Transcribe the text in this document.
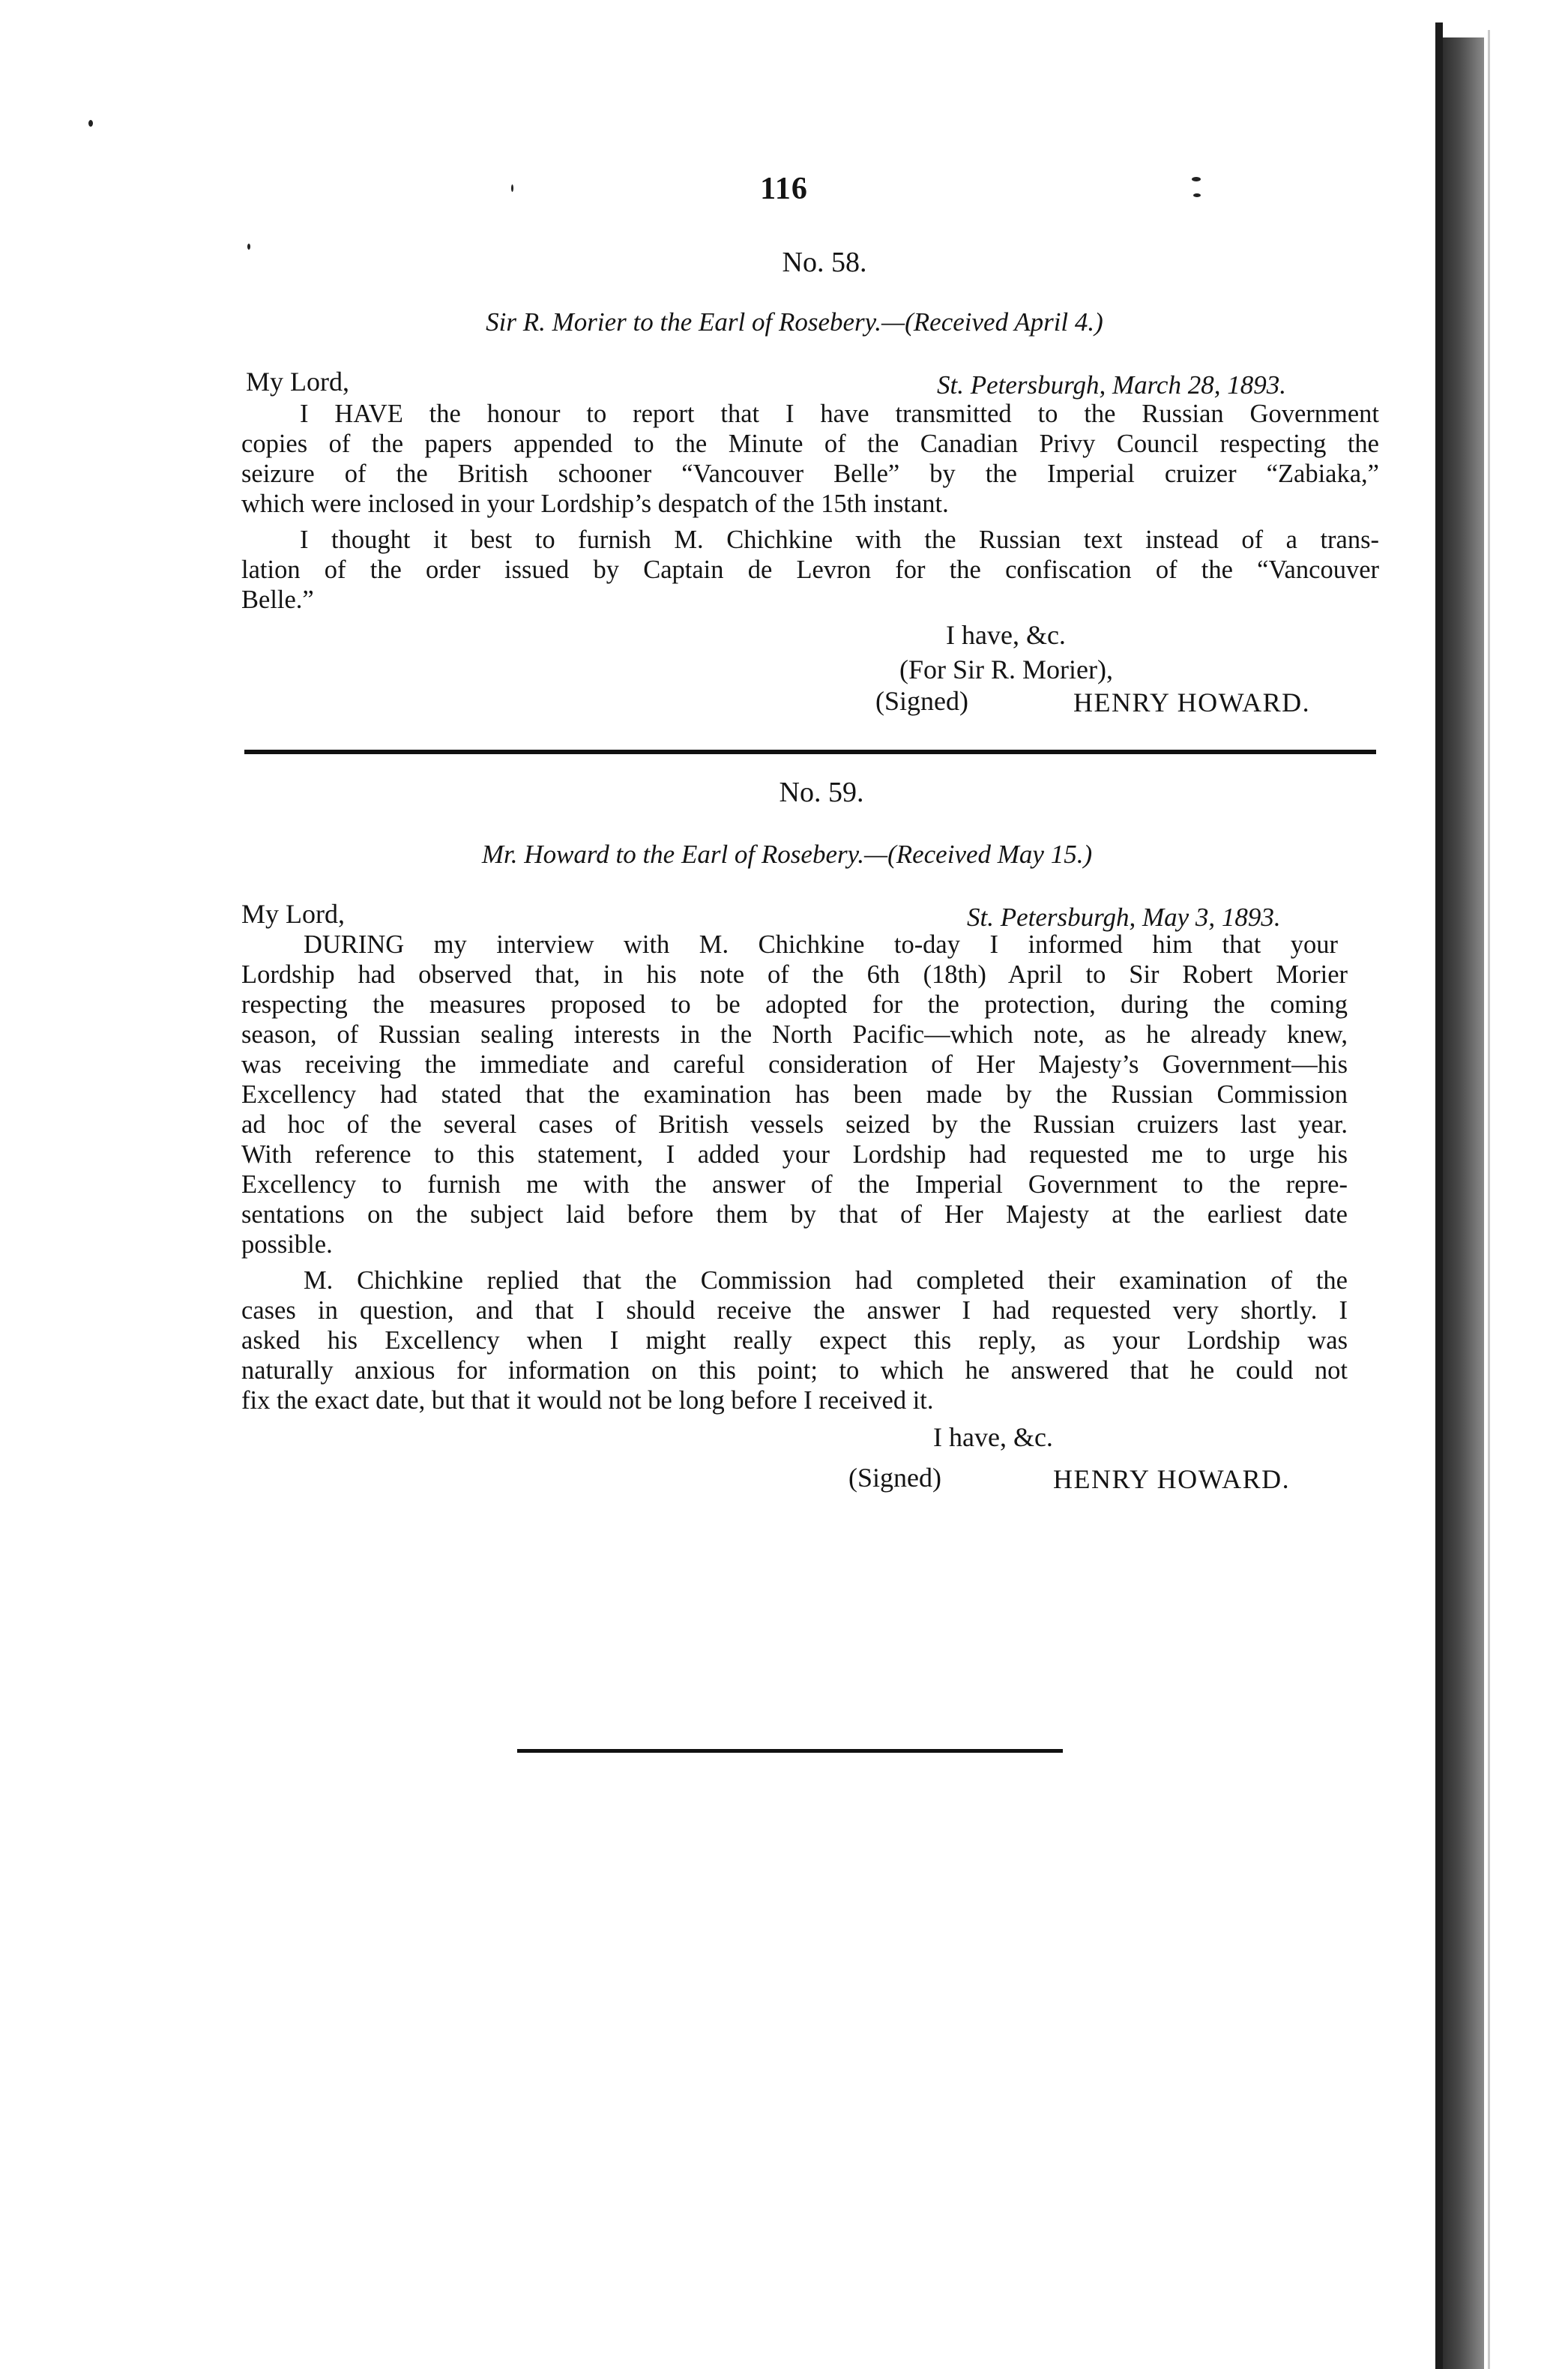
116
No. 58.
Sir R. Morier to the Earl of Rosebery.—(Received April 4.)
My Lord,	St. Petersburgh, March 28, 1893.
I HAVE the honour to report that I have transmitted to the Russian Government
copies of the papers appended to the Minute of the Canadian Privy Council respecting the
seizure of the British schooner “Vancouver Belle” by the Imperial cruizer “Zabiaka,”
which were inclosed in your Lordship’s despatch of the 15th instant.
I thought it best to furnish M. Chichkine with the Russian text instead of a trans-
lation of the order issued by Captain de Levron for the confiscation of the “Vancouver
Belle.”
I have, &c.
(For Sir R. Morier),
(Signed)	HENRY HOWARD.
No. 59.
Mr. Howard to the Earl of Rosebery.—(Received May 15.)
My Lord,	St. Petersburgh, May 3, 1893.
DURING my interview with M. Chichkine to-day I informed him that your
Lordship had observed that, in his note of the 6th (18th) April to Sir Robert Morier
respecting the measures proposed to be adopted for the protection, during the coming
season, of Russian sealing interests in the North Pacific—which note, as he already knew,
was receiving the immediate and careful consideration of Her Majesty’s Government—his
Excellency had stated that the examination has been made by the Russian Commission
ad hoc of the several cases of British vessels seized by the Russian cruizers last year.
With reference to this statement, I added your Lordship had requested me to urge his
Excellency to furnish me with the answer of the Imperial Government to the repre-
sentations on the subject laid before them by that of Her Majesty at the earliest date
possible.
M. Chichkine replied that the Commission had completed their examination of the
cases in question, and that I should receive the answer I had requested very shortly. I
asked his Excellency when I might really expect this reply, as your Lordship was
naturally anxious for information on this point; to which he answered that he could not
fix the exact date, but that it would not be long before I received it.
I have, &c.
(Signed)	HENRY HOWARD.
